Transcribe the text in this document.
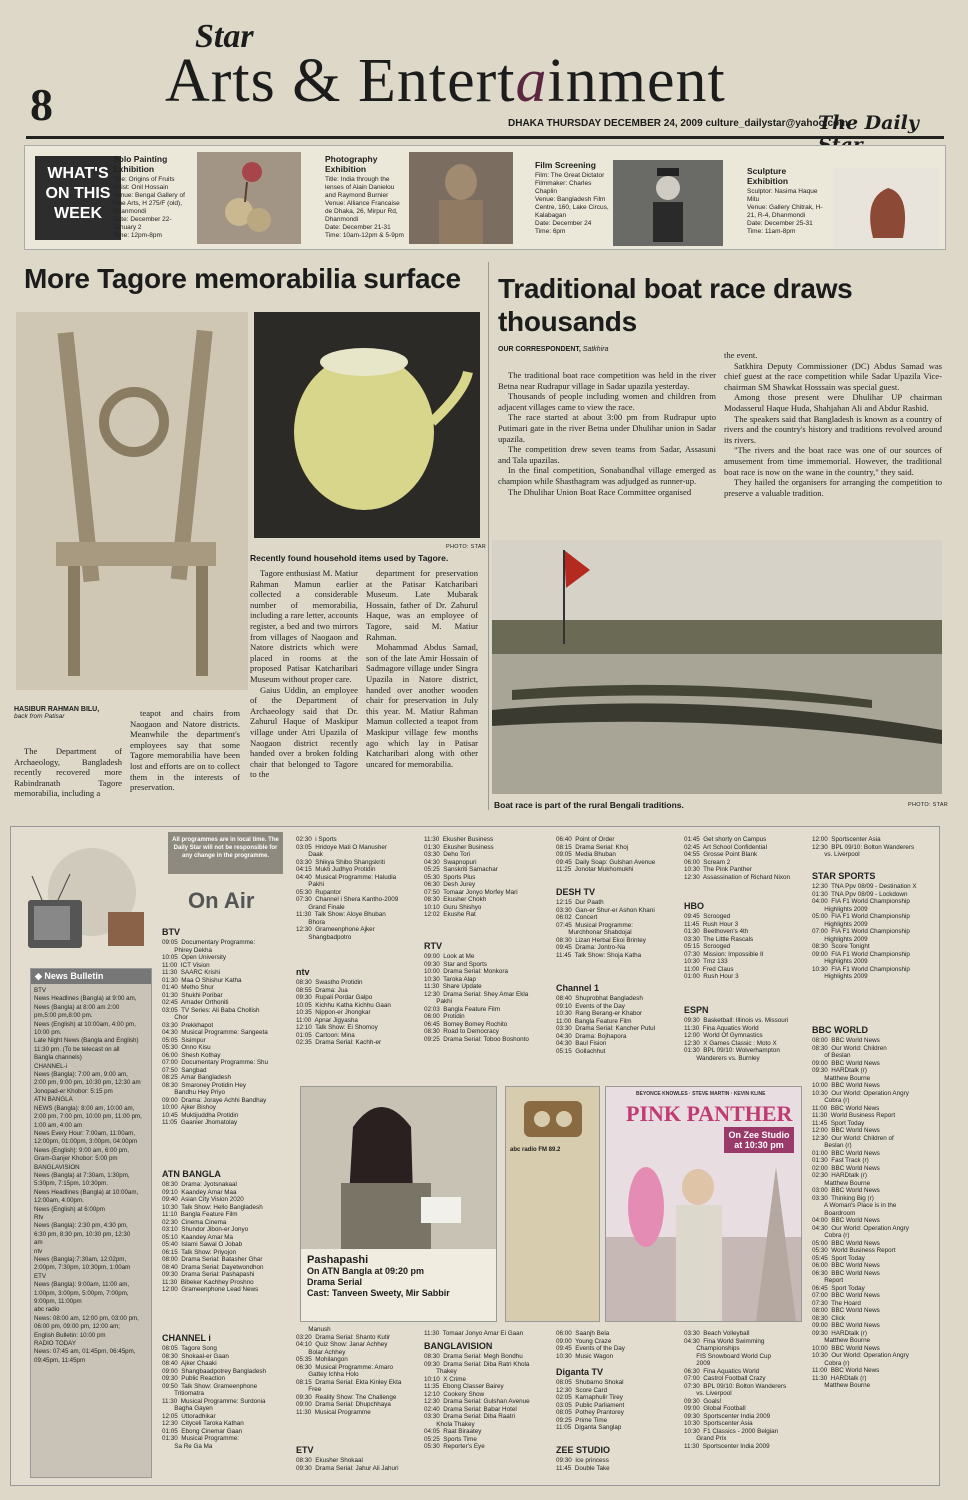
8
Star
Arts & Entertainment
DHAKA THURSDAY DECEMBER 24, 2009 culture_dailystar@yahoo.com
The Daily
WHAT'S ON THIS WEEK
Solo Painting Exhibition
Title: Origins of Fruits
Artist: Onil Hossain
Venue: Bengal Gallery of Fine Arts, H 275/F (old), Dhanmondi
Date: December 22-January 2
Time: 12pm-8pm
Photography Exhibition
Title: India through the lenses of Alain Danielou and Raymond Burnier
Venue: Alliance Francaise de Dhaka, 26, Mirpur Rd, Dhanmondi
Date: December 21-31
Time: 10am-12pm & 5-9pm
Film Screening
Film: The Great Dictator
Filmmaker: Charles Chaplin
Venue: Bangladesh Film Centre, 160, Lake Circus, Kalabagan
Date: December 24
Time: 6pm
Sculpture Exhibition
Sculptor: Nasima Haque Mitu
Venue: Gallery Chitrak, H-21, R-4, Dhanmondi
Date: December 25-31
Time: 11am-8pm
More Tagore memorabilia surface
PHOTO: STAR
Recently found household items used by Tagore.
HASIBUR RAHMAN BILU,
back from Patisar

The Department of Archaeology, Bangladesh recently recovered more Rabindranath Tagore memorabilia, including a

teapot and chairs from Naogaon and Natore districts. Meanwhile the department's employees say that some Tagore memorabilia have been lost and efforts are on to collect them in the interests of preservation.

Tagore enthusiast M. Matiur Rahman Mamun earlier collected a considerable number of memorabilia, including a rare letter, accounts register, a bed and two mirrors from villages of Naogaon and Natore districts which were placed in rooms at the proposed Patisar Katcharibari Museum without proper care.

Gaius Uddin, an employee of the Department of Archaeology said that Dr. Zahurul Haque of Maskipur village under Atri Upazila of Naogaon district recently handed over a broken folding chair that belonged to Tagore to the

department for preservation at the Patisar Katcharibari Museum. Late Mubarak Hossain, father of Dr. Zahurul Haque, was an employee of Tagore, said M. Matiur Rahman.

Mohammad Abdus Samad, son of the late Amir Hossain of Sadmagore village under Singra Upazila in Natore district, handed over another wooden chair for preservation in July this year. M. Matiur Rahman Mamun collected a teapot from Maskipur village few months ago which lay in Patisar Katcharibari along with other uncared for memorabilia.

Traditional boat race draws thousands
OUR CORRESPONDENT, Satkhira

The traditional boat race competition was held in the river Betna near Rudrapur village in Sadar upazila yesterday.

Thousands of people including women and children from adjacent villages came to view the race.

The race started at about 3:00 pm from Rudrapur upto Putimari gate in the river Betna under Dhulihar union in Sadar upazila.

The competition drew seven teams from Sadar, Assasuni and Tala upazilas.

In the final competition, Sonabandhal village emerged as champion while Shasthagram was adjudged as runner-up.

The Dhulihar Union Boat Race Committee organised

the event.

Satkhira Deputy Commissioner (DC) Abdus Samad was chief guest at the race competition while Sadar Upazila Vice-chairman SM Shawkat Hosssain was special guest.

Among those present were Dhulihar UP chairman Modasserul Haque Huda, Shahjahan Ali and Abdur Rashid.

The speakers said that Bangladesh is known as a country of rivers and the country's history and traditions revolved around its rivers.

"The rivers and the boat race was one of our sources of amusement from time immemorial. However, the traditional boat race is now on the wane in the country," they said.

They hailed the organisers for arranging the competition to preserve a valuable tradition.

Boat race is part of the rural Bengali traditions.	PHOTO: STAR
All programmes are in local time. The Daily Star will not be responsible for any change in the programme.
On Air
◆ News Bulletin
BTV
News Headlines (Bangla) at 9:00 am,
News (Bangla) at 8:00 am 2:00
pm,5:00 pm,8:00 pm.
News (English) at 10:00am, 4:00 pm,
10:00 pm.
Late Night News (Bangla and English)
11:30 pm. (To be telecast on all
Bangla channels)
CHANNEL-i
News (Bangla): 7:00 am, 9:00 am,
2:00 pm, 9:00 pm, 10:30 pm, 12:30 am
Jonopad-er Khobor: 5:15 pm
ATN BANGLA
NEWS (Bangla): 8:00 am, 10:00 am,
2:00 pm, 7:00 pm, 10:00 pm, 11:00 pm,
1:00 am, 4:00 am
News Every Hour: 7:00am, 11:00am,
12:00pm, 01:00pm, 3:00pm, 04:00pm
News (English): 9:00 am, 6:00 pm,
Gram-Ganjer Khobor: 5:00 pm
BANGLAVISION
News (Bangla) at 7:30am, 1:30pm,
5:30pm, 7:15pm, 10:30pm.
News Headlines (Bangla) at 10:00am,
12:00am, 4:00pm.
News (English) at 6:00pm
Rtv
News (Bangla): 2:30 pm, 4:30 pm,
6:30 pm, 8:30 pm, 10:30 pm, 12:30
am
ntv
News (Bangla):7:30am, 12:02pm,
2:00pm, 7:30pm, 10:30pm, 1:00am
ETV
News (Bangla): 9:00am, 11:00 am,
1:00pm, 3:00pm, 5:00pm, 7:00pm,
9:00pm, 11:00pm
abc radio
News: 08:00 am, 12:00 pm, 03:00 pm,
06:00 pm, 09:00 pm, 12:00 am;
English Bulletin: 10:00 pm
RADIO TODAY
News: 07:45 am, 01:45pm, 06:45pm,
09:45pm, 11:45pm
BTV
09:05  Documentary Programme:
Phirey Dekha
10:05  Open University
11:00  ICT Vision
11:30  SAARC Krishi
01:30  Maa O Shishur Katha
01:40  Metho Shur
01:30  Shukhi Poribar
02:45  Amader Orthoniti
03:05  TV Series: Ali Baba Chollish
Chor
03:30  Prekkhapot
04:30  Musical Programme: Sangeeta
05:05  Sisimpur
05:30  Onno Kisu
06:00  Shesh Kothay
07:00  Documentary Programme: Shu
07:50  Sangbad
08:25  Amar Bangladesh
08:30  Smaroney Protidin Hey
Bandhu Hey Priyo
09:00  Drama: Joraye Achhi Bandhay
10:00  Ajker Bishoy
10:45  Muktijuddha Protidin
11:05  Gaanier Jhomatolay
ATN BANGLA
08:30  Drama: Jyotsnakaal
09:10  Kaandey Amar Maa
09:40  Asian City Vision 2020
10:30  Talk Show: Hello Bangladesh
11:10  Bangla Feature Film
02:30  Cinema Cinema
03:10  Shundor Jibon-er Jonyo
05:10  Kaandey Amar Ma
05:40  Islami Sawal O Jobab
06:15  Talk Show: Priyojon
08:00  Drama Serial: Batasher Ghar
08:40  Drama Serial: Dayetwondhon
09:30  Drama Serial: Pashapashi
11:30  Bibeker Kachhey Proshno
12:00  Grameenphone Lead News
CHANNEL i
08:05  Tagore Song
08:30  Shokaal-er Gaan
08:40  Ajker Chaaki
09:00  Shangbaadpotrey Bangladesh
09:30  Public Reaction
09:50  Talk Show: Grameenphone
Tritiomatra
11:30  Musical Programme: Surdonia
Bagha Gayen
12:05  Uttoradhikar
12:30  Cityceli Taroka Kathan
01:05  Ebong Cinemar Gaan
01:30  Musical Programme:
Sa Re Ga Ma
02:30  i Sports
03:05  Hridoye Mati O Manusher
Daak
03:30  Shikya Shibo Shangskriti
04:15  Mukti Judhyo Protidin
04:40  Musical Programme: Haludia
Pakhi
05:30  Rupantor
07:30  Channel i Shera Kantho-2009
Grand Finale
11:30  Talk Show: Aloye Bhuban
Bhora
12:30  Grameenphone Ajker
Shangbadpotro
ntv
08:30  Swastho Protidin
08:55  Drama: Jua
09:30  Rupali Pordar Galpo
10:05  Kichhu Katha Kichhu Gaan
10:35  Nippon-er Jhongkar
11:00  Apnar Jigyasha
12:10  Talk Show: Ei Shomoy
01:05  Cartoon: Mina
02:35  Drama Serial: Kachh-er
11:30  Ekusher Business
01:30  Ekusher Business
03:30  Deho Tori
04:30  Swapnopuri
05:25  Sanskriti Samachar
05:30  Sports Plus
06:30  Desh Jurey
07:50  Tomaar Jonyo Morfey Mari
08:30  Ekusher Chokh
10:10  Guru Shishyo
12:02  Ekushe Rat
RTV
09:00  Look at Me
09:30  Star and Sports
10:00  Drama Serial: Monkora
10:30  Taroka Alap
11:30  Share Update
12:30  Drama Serial: Shey Amar Ekla
Pakhi
02:03  Bangla Feature Film
06:00  Protidin
06:45  Bomey Bomey Rochito
08:30  Road to Democracy
09:25  Drama Serial: Toboo Boshonto
06:40  Point of Order
08:15  Drama Serial: Khoj
09:05  Media Bhuban
09:45  Daily Soap: Gulshan Avenue
11:25  Jonotar Mukhomukhi
DESH TV
12:15  Dur Paath
03:30  Gan-er Shur-er Ashon Khani
06:02  Concert
07:45  Musical Programme:
Murchhonar Shabdojal
08:30  Lizan Herbal Ekoi Brintey
09:45  Drama: Jontro-Na
11:45  Talk Show: Shoja Katha
Channel 1
08:40  Shuprobhat Bangladesh
09:10  Events of the Day
10:30  Rang Berang-er Khabor
11:00  Bangla Feature Film
03:30  Drama Serial: Kancher Putul
04:30  Drama: Bojhapora
04:30  Baul Fision
05:15  Gollachhut
01:45  Get shorty on Campus
02:45  Art School Confidential
04:55  Grosse Point Blank
06:00  Scream 2
10:30  The Pink Panther
12:30  Assassination of Richard Nixon
HBO
09:45  Scrooged
11:45  Rush Hour 3
01:30  Beethoven's 4th
03:30  The Little Rascals
05:15  Scrooged
07:30  Mission: Impossible II
10:30  Tmz 133
11:00  Fred Claus
01:00  Rush Hour 3
ESPN
09:30  Basketball: Illinois vs. Missouri
11:30  Fina Aquatics World
12:00  World Of Gymnastics
12:30  X Games Classic : Moto X
01:30  BPL 09/10: Wolverhampton
Wanderers vs. Burnley
12:00  Sportscenter Asia
12:30  BPL 09/10: Bolton Wanderers
vs. Liverpool
STAR SPORTS
12:30  TNA Ppv 08/09 - Destination X
01:30  TNA Ppv 08/09 - Lockdown
04:00  FIA F1 World Championship
Highlights 2009
05:00  FIA F1 World Championship
Highlights 2009
07:00  FIA F1 World Championship
Highlights 2009
08:30  Score Tonight
09:00  FIA F1 World Championship
Highlights 2009
10:30  FIA F1 World Championship
Highlights 2009
BBC WORLD
08:00  BBC World News
08:30  Our World: Children
of Beslan
09:00  BBC World News
09:30  HARDtalk (r)
Matthew Bourne
10:00  BBC World News
10:30  Our World: Operation Angry
Cobra (r)
11:00  BBC World News
11:30  World Business Report
11:45  Sport Today
12:00  BBC World News
12:30  Our World: Children of
Beslan (r)
01:00  BBC World News
01:30  Fast Track (r)
02:00  BBC World News
02:30  HARDtalk (r)
Matthew Bourne
03:00  BBC World News
03:30  Thinking Big (r)
A Woman's Place is in the
Boardroom
04:00  BBC World News
04:30  Our World: Operation Angry
Cobra (r)
05:00  BBC World News
05:30  World Business Report
05:45  Sport Today
06:00  BBC World News
06:30  BBC World News
Report
06:45  Sport Today
07:00  BBC World News
07:30  The Hoard
08:00  BBC World News
08:30  Click
09:00  BBC World News
09:30  HARDtalk (r)
Matthew Bourne
10:00  BBC World News
10:30  Our World: Operation Angry
Cobra (r)
11:00  BBC World News
11:30  HARDtalk (r)
Matthew Bourne
Pashapashi
On ATN Bangla at 09:20 pm
Drama Serial
Cast: Tanveen Sweety, Mir Sabbir
abc radio FM 89.2
BEYONCE KNOWLES · STEVE MARTIN · KEVIN KLINE
PINK PANTHER
On Zee Studio at 10:30 pm
Manush
03:20  Drama Serial: Shanto Kutir
04:10  Quiz Show: Janar Achhey
Bolar Achhey
05:35  Mohilangon
06:30  Musical Programme: Amaro
Gattey Ichha Holo
08:15  Drama Serial: Ekta Kinley Ekta
Free
09:30  Reality Show: The Challenge
09:00  Drama Serial: Dhupchhaya
11:30  Musical Programme
ETV
08:30  Ekusher Shokaal
09:30  Drama Serial: Jahur Ali Jahuri
11:30  Tomaar Jonyo Amar Ei Gaan
BANGLAVISION
08:30  Drama Serial: Megh Bondhu
09:30  Drama Serial: Diba Ratri Khola
Thakey
10:10  X Crime
11:35  Ebong Classer Bairey
12:10  Cookery Show
12:30  Drama Serial: Gulshan Avenue
02:40  Drama Serial: Babar Hotel
03:30  Drama Serial: Diba Raatri
Khola Thakey
04:05  Raat Biraatey
05:25  Sports Time
05:30  Reporter's Eye
06:00  Saanjh Bela
09:00  Young Craze
09:45  Events of the Day
10:30  Music Wagon
Diganta TV
08:05  Shubarno Shokal
12:30  Score Card
02:05  Karnaphulir Tirey
03:05  Public Parliament
08:05  Pothey Prantorey
09:25  Prime Time
11:05  Diganta Sanglap
ZEE STUDIO
09:30  Ice princess
11:45  Double Take
03:30  Beach Volleyball
04:30  Fina World Swimming
Championships
FIS Snowboard World Cup
2009
06:30  Fina Aquatics World
07:00  Castrol Football Crazy
07:30  BPL 09/10: Bolton Wanderers
vs. Liverpool
09:30  Goals!
09:00  Global Football
09:30  Sportscenter India 2009
10:30  Sportscenter Asia
10:30  F1 Classics - 2000 Belgian
Grand Prix
11:30  Sportscenter India 2009
